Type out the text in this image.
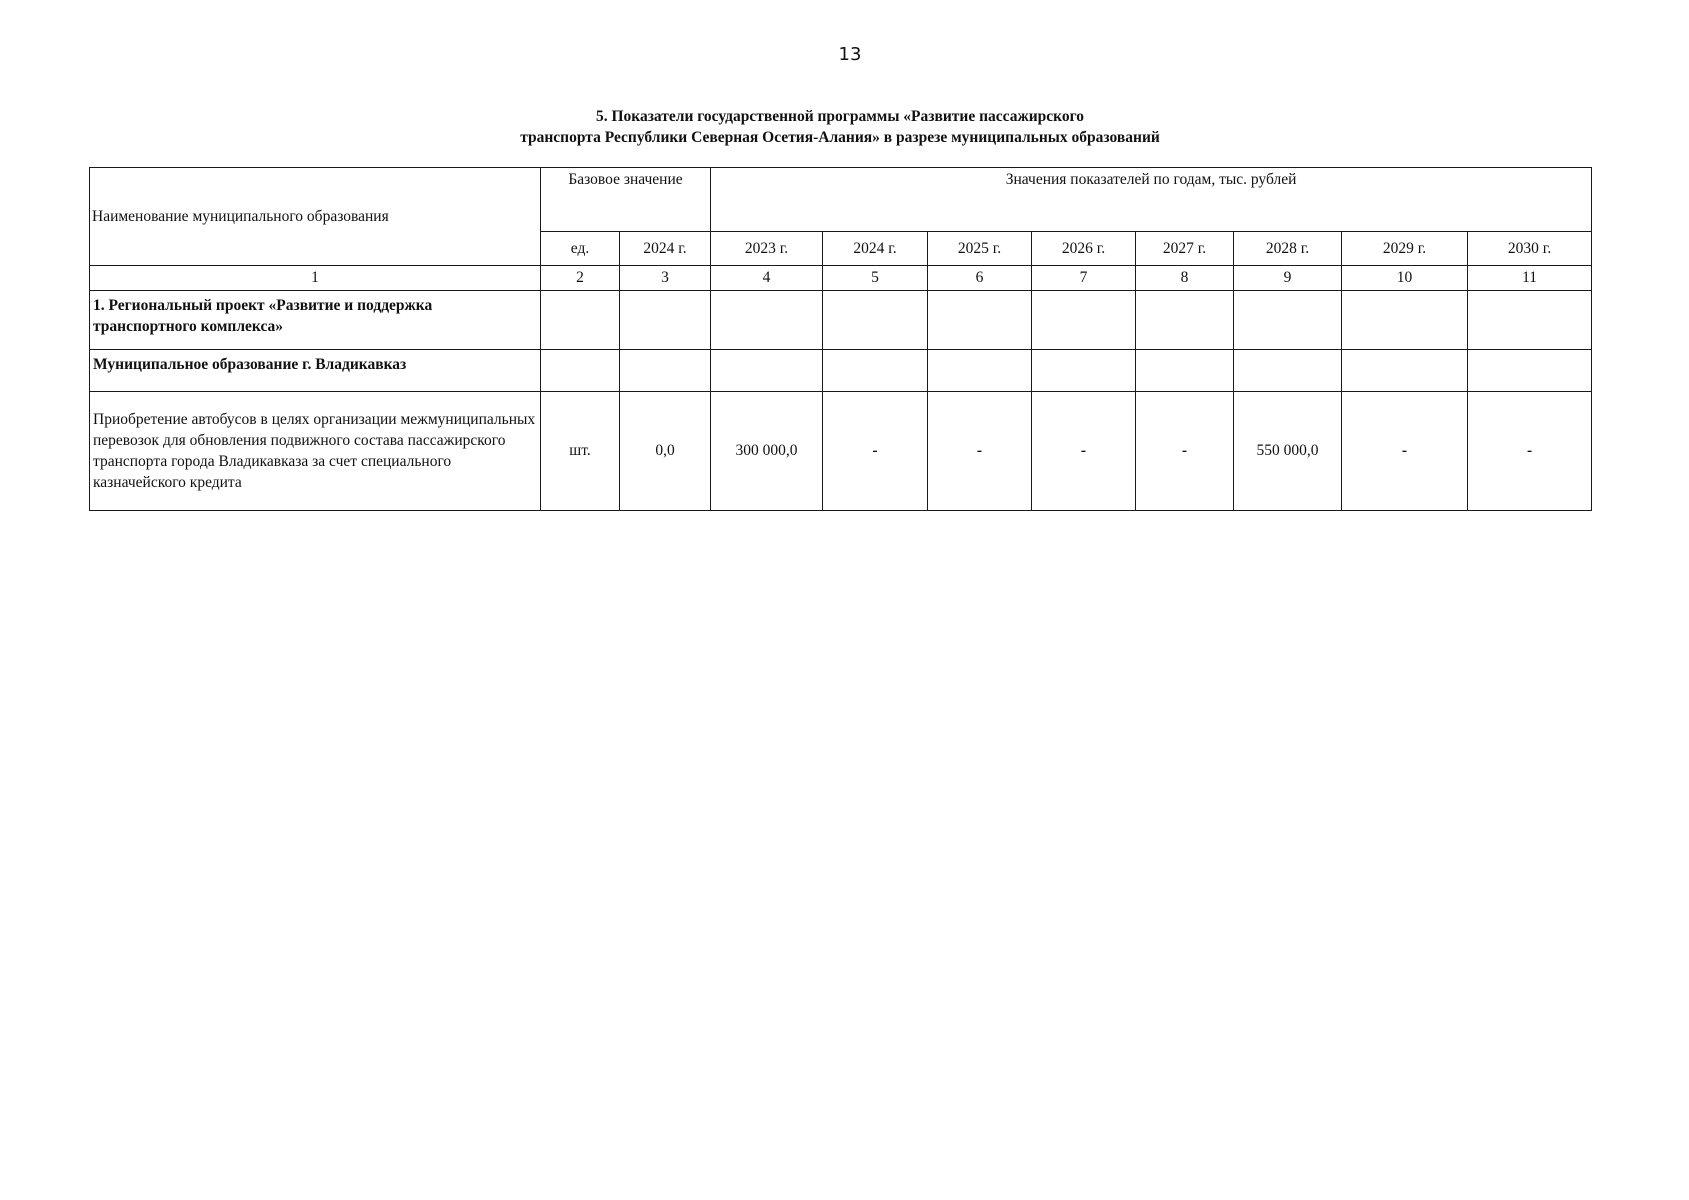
13
5. Показатели государственной программы «Развитие пассажирского
транспорта Республики Северная Осетия-Алания» в разрезе муниципальных образований
Наименование муниципального образования	Базовое значение		Значения показателей по годам, тыс. рублей							
	ед.	2024 г.	2023 г.	2024 г.	2025 г.	2026 г.	2027 г.	2028 г.	2029 г.	2030 г.
1	2	3	4	5	6	7	8	9	10	11
1. Региональный проект «Развитие и поддержка транспортного комплекса»										
Муниципальное образование г. Владикавказ										
Приобретение автобусов в целях организации межмуниципальных перевозок для обновления подвижного состава пассажирского транспорта города Владикавказа за счет специального казначейского кредита	шт.	0,0	300 000,0	-	-	-	-	550 000,0	-	-
